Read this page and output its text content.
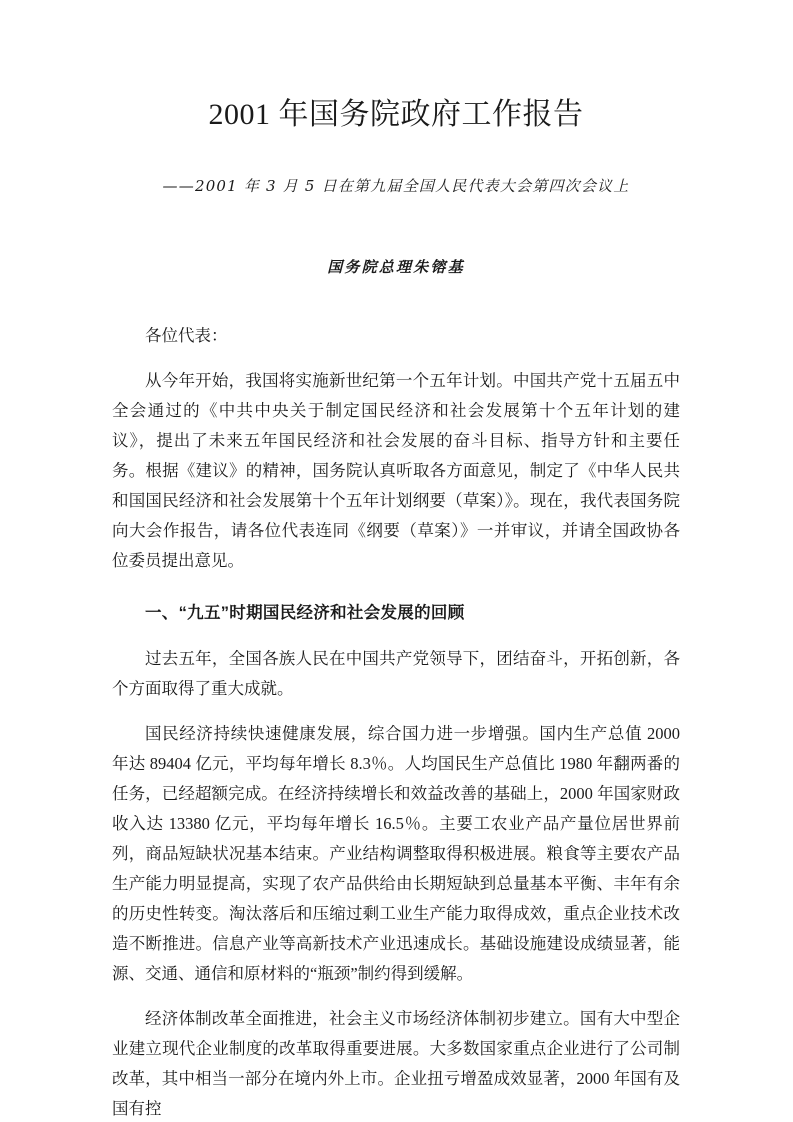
2001 年国务院政府工作报告

——2001 年 3 月 5 日在第九届全国人民代表大会第四次会议上

国务院总理朱镕基

各位代表：

从今年开始，我国将实施新世纪第一个五年计划。中国共产党十五届五中全会通过的《中共中央关于制定国民经济和社会发展第十个五年计划的建议》，提出了未来五年国民经济和社会发展的奋斗目标、指导方针和主要任务。根据《建议》的精神，国务院认真听取各方面意见，制定了《中华人民共和国国民经济和社会发展第十个五年计划纲要（草案）》。现在，我代表国务院向大会作报告，请各位代表连同《纲要（草案）》一并审议，并请全国政协各位委员提出意见。

一、“九五”时期国民经济和社会发展的回顾

过去五年，全国各族人民在中国共产党领导下，团结奋斗，开拓创新，各个方面取得了重大成就。

国民经济持续快速健康发展，综合国力进一步增强。国内生产总值 2000 年达 89404 亿元，平均每年增长 8.3％。人均国民生产总值比 1980 年翻两番的任务，已经超额完成。在经济持续增长和效益改善的基础上，2000 年国家财政收入达 13380 亿元，平均每年增长 16.5％。主要工农业产品产量位居世界前列，商品短缺状况基本结束。产业结构调整取得积极进展。粮食等主要农产品生产能力明显提高，实现了农产品供给由长期短缺到总量基本平衡、丰年有余的历史性转变。淘汰落后和压缩过剩工业生产能力取得成效，重点企业技术改造不断推进。信息产业等高新技术产业迅速成长。基础设施建设成绩显著，能源、交通、通信和原材料的“瓶颈”制约得到缓解。

经济体制改革全面推进，社会主义市场经济体制初步建立。国有大中型企业建立现代企业制度的改革取得重要进展。大多数国家重点企业进行了公司制改革，其中相当一部分在境内外上市。企业扭亏增盈成效显著，2000 年国有及国有控
